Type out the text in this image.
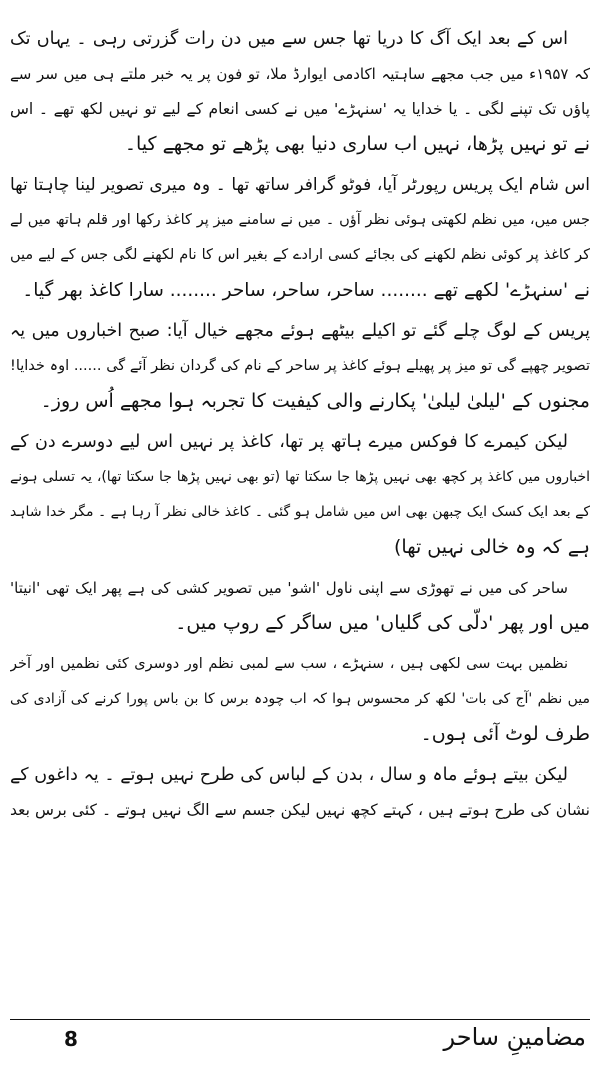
اس کے بعد ایک آگ کا دریا تھا جس سے میں دن رات گزرتی رہی ۔ یہاں تک
کہ ۱۹۵۷ء میں جب مجھے ساہتیہ اکادمی ایوارڈ ملا، تو فون پر یہ خبر ملتے ہی میں سر سے
پاؤں تک تپنے لگی ۔ یا خدایا یہ 'سنہڑے' میں نے کسی انعام کے لیے تو نہیں لکھ تھے ۔ اس
نے تو نہیں پڑھا، نہیں اب ساری دنیا بھی پڑھے تو مجھے کیا۔
اس شام ایک پریس رپورٹر آیا، فوٹو گرافر ساتھ تھا ۔ وہ میری تصویر لینا چاہتا تھا
جس میں، میں نظم لکھتی ہوئی نظر آؤں ۔ میں نے سامنے میز پر کاغذ رکھا اور قلم ہاتھ میں لے
کر کاغذ پر کوئی نظم لکھنے کی بجائے کسی ارادے کے بغیر اس کا نام لکھنے لگی جس کے لیے میں
نے 'سنہڑے' لکھے تھے ........ ساحر، ساحر، ساحر ........ سارا کاغذ بھر گیا۔
پریس کے لوگ چلے گئے تو اکیلے بیٹھے ہوئے مجھے خیال آیا: صبح اخباروں میں یہ
تصویر چھپے گی تو میز پر پھیلے ہوئے کاغذ پر ساحر کے نام کی گردان نظر آئے گی ...... اوہ خدایا!
مجنوں کے 'لیلیٰ لیلیٰ' پکارنے والی کیفیت کا تجربہ ہوا مجھے اُس روز۔
لیکن کیمرے کا فوکس میرے ہاتھ پر تھا، کاغذ پر نہیں اس لیے دوسرے دن کے
اخباروں میں کاغذ پر کچھ بھی نہیں پڑھا جا سکتا تھا (تو بھی نہیں پڑھا جا سکتا تھا)، یہ تسلی ہونے
کے بعد ایک کسک ایک چبھن بھی اس میں شامل ہو گئی ۔ کاغذ خالی نظر آ رہا ہے ۔ مگر خدا شاہد
ہے کہ وہ خالی نہیں تھا)
ساحر کی میں نے تھوڑی سے اپنی ناول 'اشو' میں تصویر کشی کی ہے پھر ایک تھی 'انیتا'
میں اور پھر 'دلّی کی گلیاں' میں ساگر کے روپ میں۔
نظمیں بہت سی لکھی ہیں ، سنہڑے ، سب سے لمبی نظم اور دوسری کئی نظمیں اور آخر
میں نظم 'آج کی بات' لکھ کر محسوس ہوا کہ اب چودہ برس کا بن باس پورا کرنے کی آزادی کی
طرف لوٹ آئی ہوں۔
لیکن بیتے ہوئے ماہ و سال ، بدن کے لباس کی طرح نہیں ہوتے ۔ یہ داغوں کے
نشان کی طرح ہوتے ہیں ، کہتے کچھ نہیں لیکن جسم سے الگ نہیں ہوتے ۔ کئی برس بعد
8	مضامینِ ساحر
